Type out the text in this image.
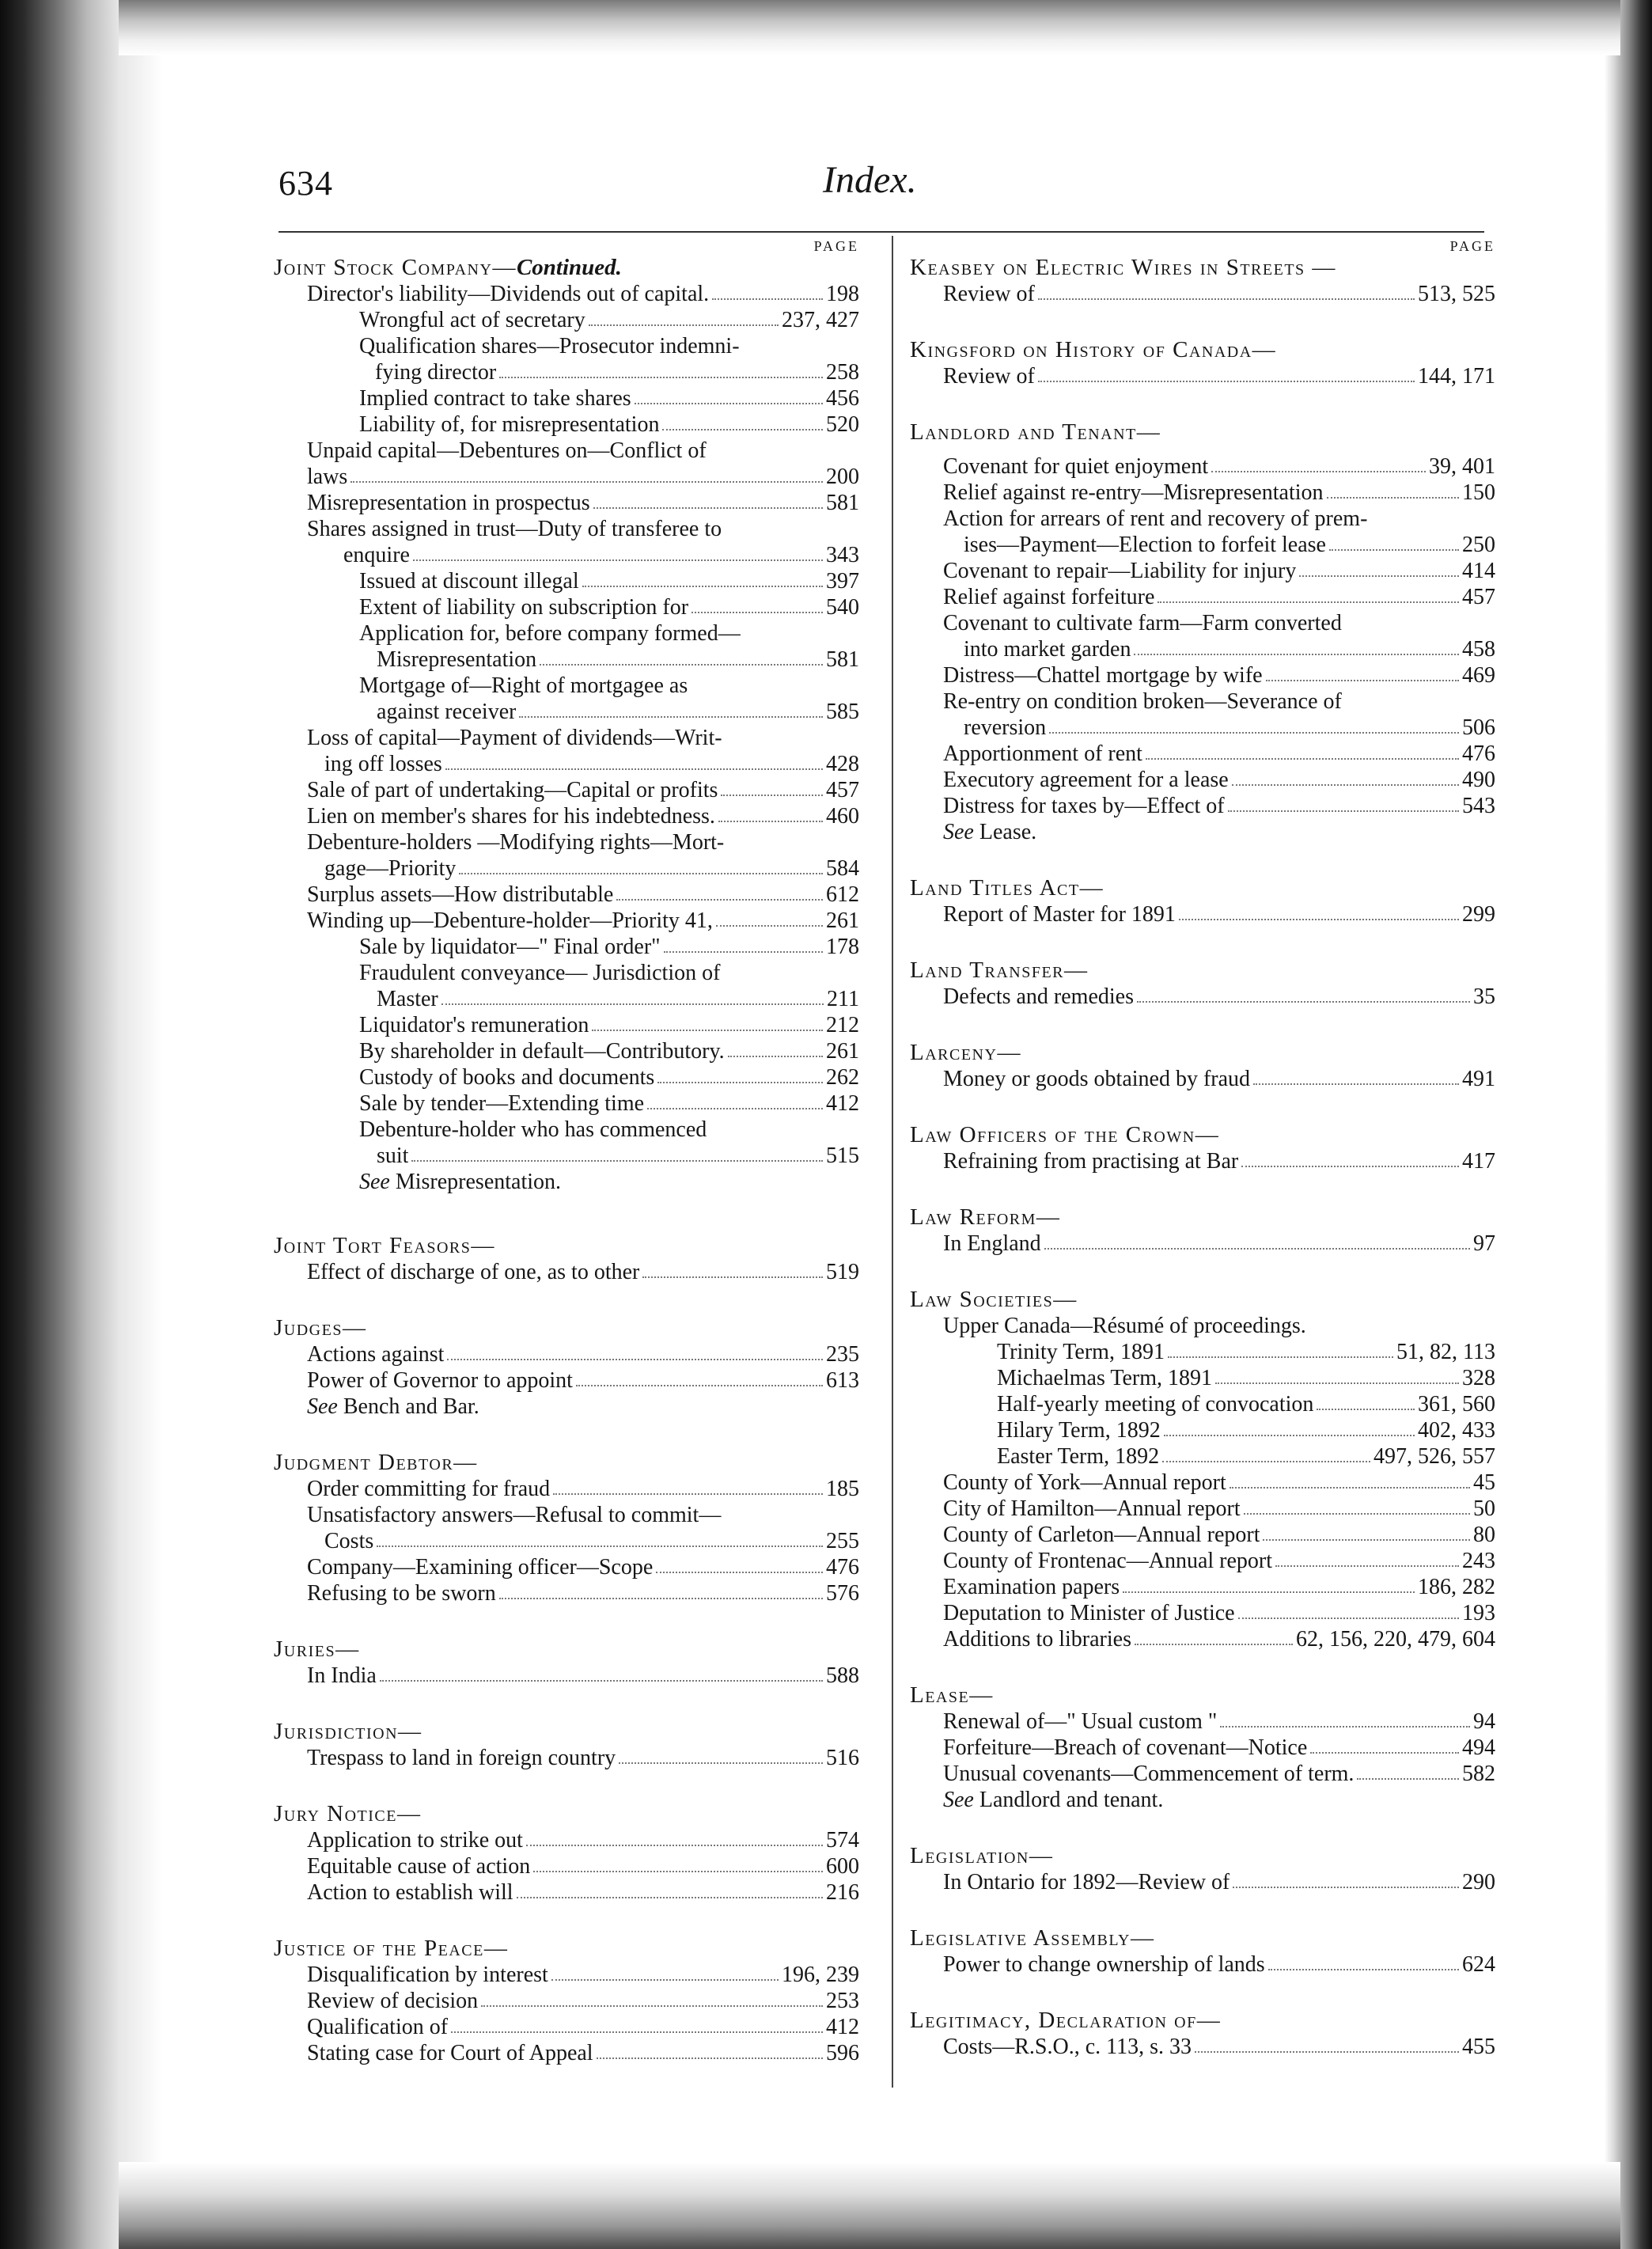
634	Index.
PAGE
Joint Stock Company—Continued.
Director's liability—Dividends out of capital.	198
Wrongful act of secretary	237, 427
Qualification shares—Prosecutor indemni-
fying director	258
Implied contract to take shares	456
Liability of, for misrepresentation	520
Unpaid capital—Debentures on—Conflict of
laws	200
Misrepresentation in prospectus	581
Shares assigned in trust—Duty of transferee to
enquire	343
Issued at discount illegal	397
Extent of liability on subscription for	540
Application for, before company formed—
Misrepresentation	581
Mortgage of—Right of mortgagee as
against receiver	585
Loss of capital—Payment of dividends—Writ-
ing off losses	428
Sale of part of undertaking—Capital or profits	457
Lien on member's shares for his indebtedness.	460
Debenture-holders —Modifying rights—Mort-
gage—Priority	584
Surplus assets—How distributable	612
Winding up—Debenture-holder—Priority 41,	261
Sale by liquidator—" Final order"	178
Fraudulent conveyance— Jurisdiction of
Master	211
Liquidator's remuneration	212
By shareholder in default—Contributory.	261
Custody of books and documents	262
Sale by tender—Extending time	412
Debenture-holder who has commenced
suit	515
See Misrepresentation.
Joint Tort Feasors—
Effect of discharge of one, as to other	519
Judges—
Actions against	235
Power of Governor to appoint	613
See Bench and Bar.
Judgment Debtor—
Order committing for fraud	185
Unsatisfactory answers—Refusal to commit—
Costs	255
Company—Examining officer—Scope	476
Refusing to be sworn	576
Juries—
In India	588
Jurisdiction—
Trespass to land in foreign country	516
Jury Notice—
Application to strike out	574
Equitable cause of action	600
Action to establish will	216
Justice of the Peace—
Disqualification by interest	196, 239
Review of decision	253
Qualification of	412
Stating case for Court of Appeal	596
PAGE
Keasbey on Electric Wires in Streets —
Review of	513, 525
Kingsford on History of Canada—
Review of	144, 171
Landlord and Tenant—
Covenant for quiet enjoyment	39, 401
Relief against re-entry—Misrepresentation	150
Action for arrears of rent and recovery of prem-
ises—Payment—Election to forfeit lease	250
Covenant to repair—Liability for injury	414
Relief against forfeiture	457
Covenant to cultivate farm—Farm converted
into market garden	458
Distress—Chattel mortgage by wife	469
Re-entry on condition broken—Severance of
reversion	506
Apportionment of rent	476
Executory agreement for a lease	490
Distress for taxes by—Effect of	543
See Lease.
Land Titles Act—
Report of Master for 1891	299
Land Transfer—
Defects and remedies	35
Larceny—
Money or goods obtained by fraud	491
Law Officers of the Crown—
Refraining from practising at Bar	417
Law Reform—
In England	97
Law Societies—
Upper Canada—Résumé of proceedings.
Trinity Term, 1891	51, 82, 113
Michaelmas Term, 1891	328
Half-yearly meeting of convocation	361, 560
Hilary Term, 1892	402, 433
Easter Term, 1892	497, 526, 557
County of York—Annual report	45
City of Hamilton—Annual report	50
County of Carleton—Annual report	80
County of Frontenac—Annual report	243
Examination papers	186, 282
Deputation to Minister of Justice	193
Additions to libraries	62, 156, 220, 479, 604
Lease—
Renewal of—" Usual custom "	94
Forfeiture—Breach of covenant—Notice	494
Unusual covenants—Commencement of term.	582
See Landlord and tenant.
Legislation—
In Ontario for 1892—Review of	290
Legislative Assembly—
Power to change ownership of lands	624
Legitimacy, Declaration of—
Costs—R.S.O., c. 113, s. 33	455
